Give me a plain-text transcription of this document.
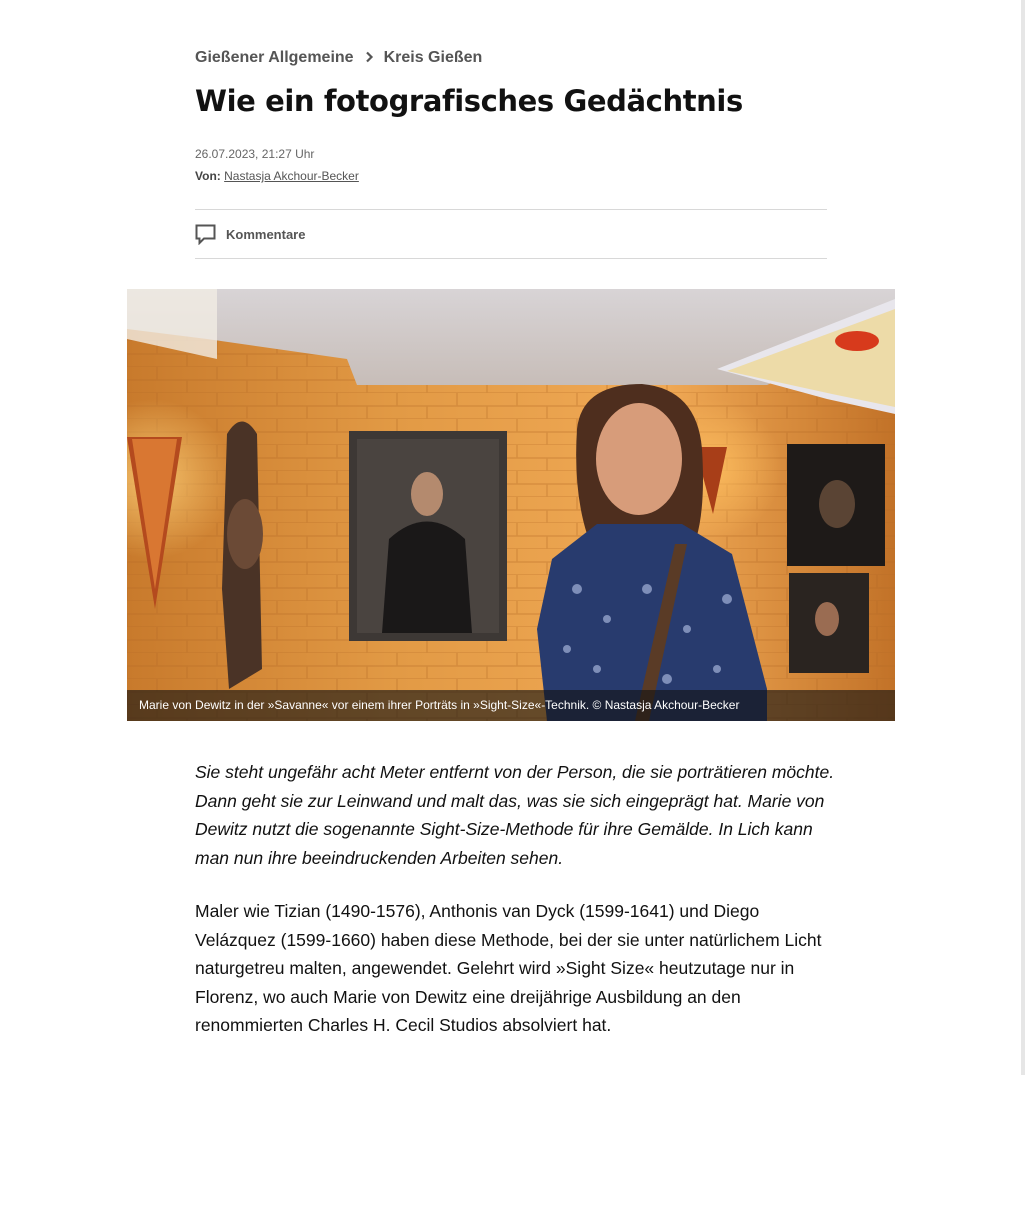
Gießener Allgemeine Kreis Gießen
Wie ein fotografisches Gedächtnis
26.07.2023, 21:27 Uhr
Von: Nastasja Akchour-Becker
Kommentare
Marie von Dewitz in der »Savanne« vor einem ihrer Porträts in »Sight-Size«-Technik. © Nastasja Akchour-Becker

Sie steht ungefähr acht Meter entfernt von der Person, die sie porträtieren möchte. Dann geht sie zur Leinwand und malt das, was sie sich eingeprägt hat. Marie von Dewitz nutzt die sogenannte Sight-Size-Methode für ihre Gemälde. In Lich kann man nun ihre beeindruckenden Arbeiten sehen.

Maler wie Tizian (1490-1576), Anthonis van Dyck (1599-1641) und Diego Velázquez (1599-1660) haben diese Methode, bei der sie unter natürlichem Licht naturgetreu malten, angewendet. Gelehrt wird »Sight Size« heutzutage nur in Florenz, wo auch Marie von Dewitz eine dreijährige Ausbildung an den renommierten Charles H. Cecil Studios absolviert hat.
